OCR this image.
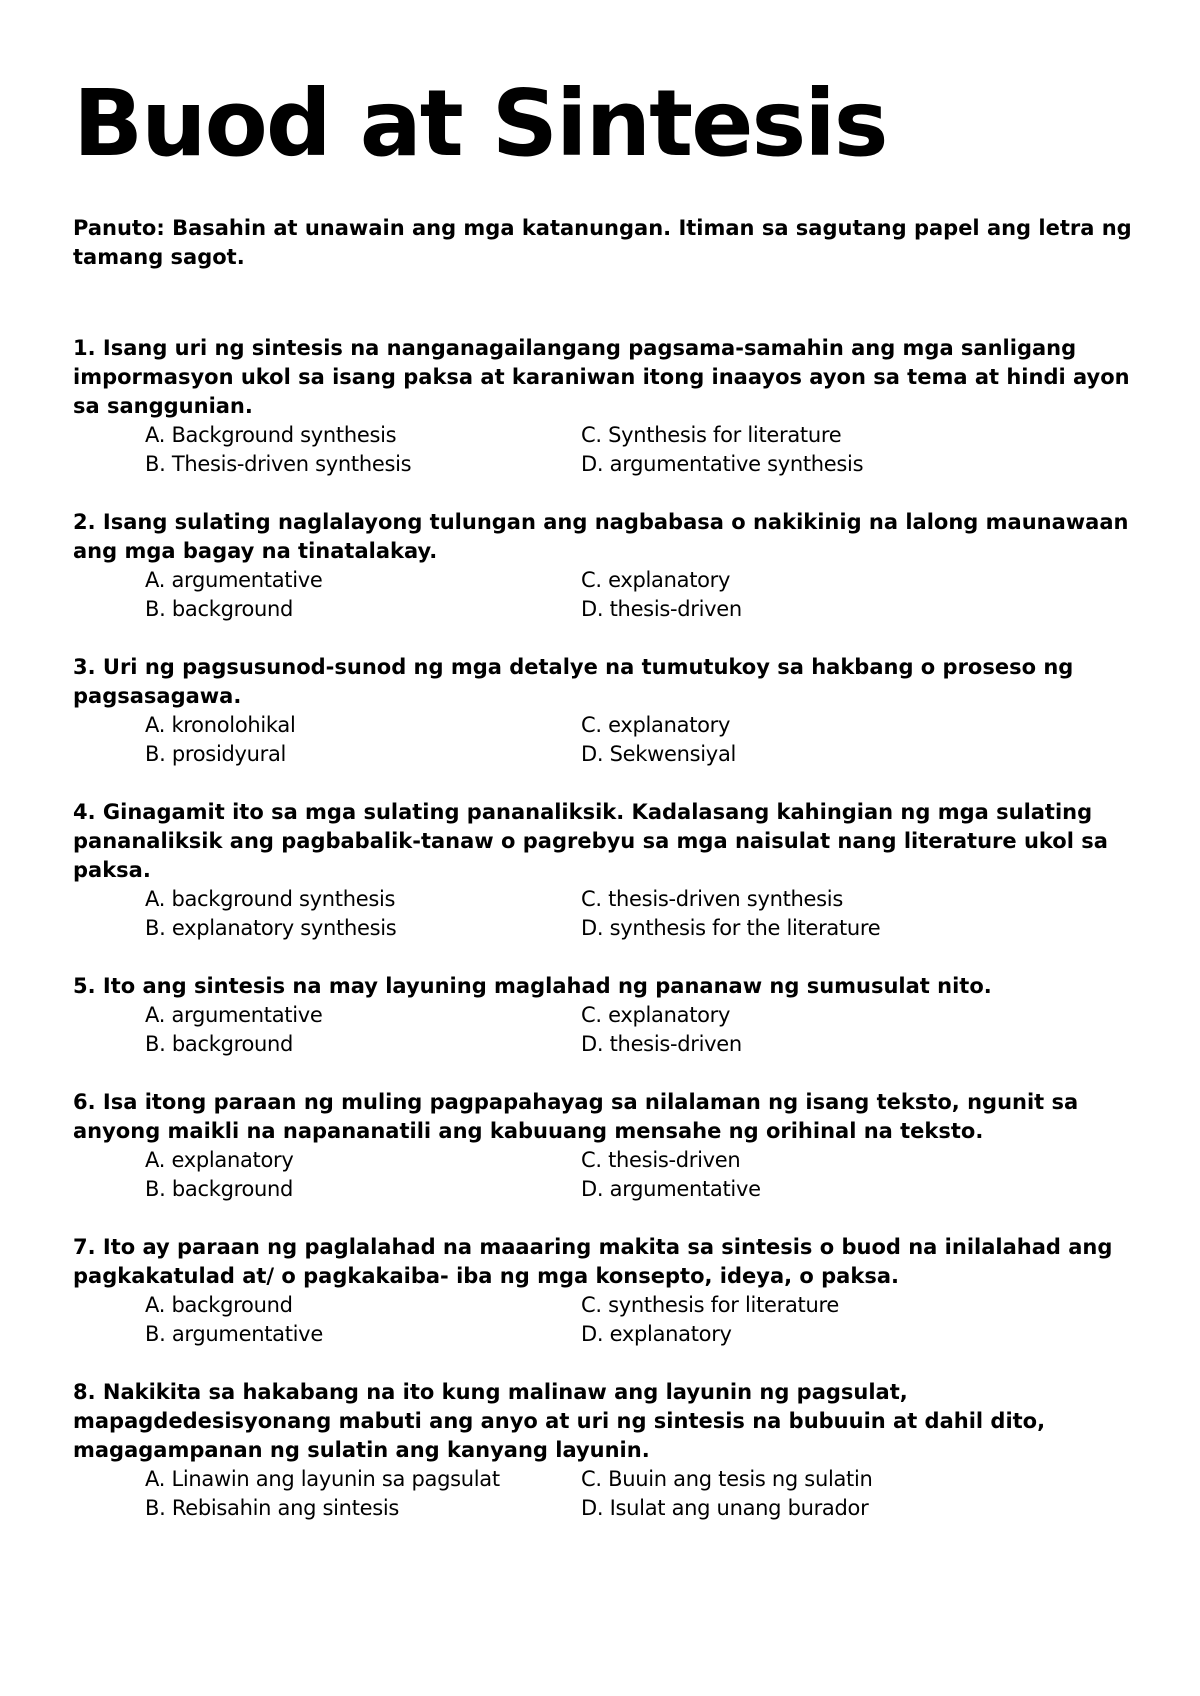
Buod at Sintesis
Panuto: Basahin at unawain ang mga katanungan. Itiman sa sagutang papel ang letra ng tamang sagot.
1. Isang uri ng sintesis na nanganagailangang pagsama-samahin ang mga sanligang impormasyon ukol sa isang paksa at karaniwan itong inaayos ayon sa tema at hindi ayon sa sanggunian.
A. Background synthesis	C. Synthesis for literature
B. Thesis-driven synthesis	D. argumentative synthesis
2. Isang sulating naglalayong tulungan ang nagbabasa o nakikinig na lalong maunawaan ang mga bagay na tinatalakay.
A. argumentative	C. explanatory
B. background	D. thesis-driven
3. Uri ng pagsusunod-sunod ng mga detalye na tumutukoy sa hakbang o proseso ng pagsasagawa.
A. kronolohikal	C. explanatory
B. prosidyural	D. Sekwensiyal
4. Ginagamit ito sa mga sulating pananaliksik. Kadalasang kahingian ng mga sulating pananaliksik ang pagbabalik-tanaw o pagrebyu sa mga naisulat nang literature ukol sa paksa.
A. background synthesis	C. thesis-driven synthesis
B. explanatory synthesis	D. synthesis for the literature
5. Ito ang sintesis na may layuning maglahad ng pananaw ng sumusulat nito.
A. argumentative	C. explanatory
B. background	D. thesis-driven
6. Isa itong paraan ng muling pagpapahayag sa nilalaman ng isang teksto, ngunit sa anyong maikli na napananatili ang kabuuang mensahe ng orihinal na teksto.
A. explanatory	C. thesis-driven
B. background	D. argumentative
7. Ito ay paraan ng paglalahad na maaaring makita sa sintesis o buod na inilalahad ang pagkakatulad at/ o pagkakaiba- iba ng mga konsepto, ideya, o paksa.
A. background	C. synthesis for literature
B. argumentative	D. explanatory
8. Nakikita sa hakabang na ito kung malinaw ang layunin ng pagsulat, mapagdedesisyonang mabuti ang anyo at uri ng sintesis na bubuuin at dahil dito, magagampanan ng sulatin ang kanyang layunin.
A. Linawin ang layunin sa pagsulat	C. Buuin ang tesis ng sulatin
B. Rebisahin ang sintesis	D. Isulat ang unang burador
